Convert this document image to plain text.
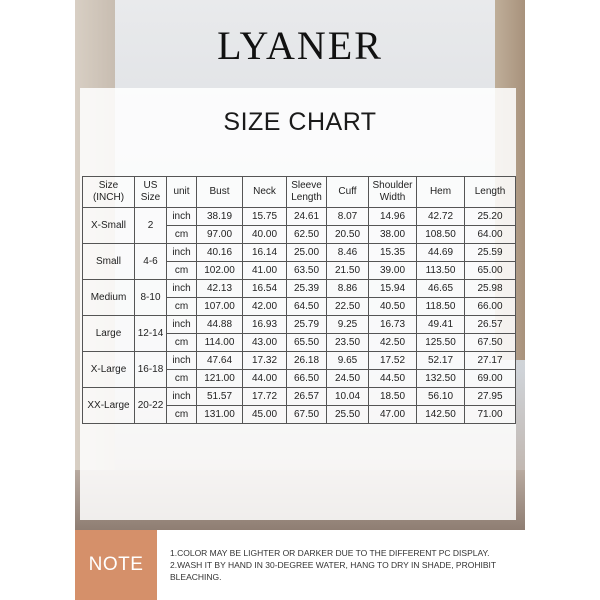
LYANER
SIZE CHART
Size (INCH)	US Size	unit	Bust	Neck	Sleeve Length	Cuff	Shoulder Width	Hem	Length
X-Small	2	inch	38.19	15.75	24.61	8.07	14.96	42.72	25.20
		cm	97.00	40.00	62.50	20.50	38.00	108.50	64.00
Small	4-6	inch	40.16	16.14	25.00	8.46	15.35	44.69	25.59
		cm	102.00	41.00	63.50	21.50	39.00	113.50	65.00
Medium	8-10	inch	42.13	16.54	25.39	8.86	15.94	46.65	25.98
		cm	107.00	42.00	64.50	22.50	40.50	118.50	66.00
Large	12-14	inch	44.88	16.93	25.79	9.25	16.73	49.41	26.57
		cm	114.00	43.00	65.50	23.50	42.50	125.50	67.50
X-Large	16-18	inch	47.64	17.32	26.18	9.65	17.52	52.17	27.17
		cm	121.00	44.00	66.50	24.50	44.50	132.50	69.00
XX-Large	20-22	inch	51.57	17.72	26.57	10.04	18.50	56.10	27.95
		cm	131.00	45.00	67.50	25.50	47.00	142.50	71.00
NOTE
1.COLOR MAY BE LIGHTER OR DARKER DUE TO THE DIFFERENT PC DISPLAY.
2.WASH IT BY HAND IN 30-DEGREE WATER, HANG TO DRY IN SHADE, PROHIBIT BLEACHING.
